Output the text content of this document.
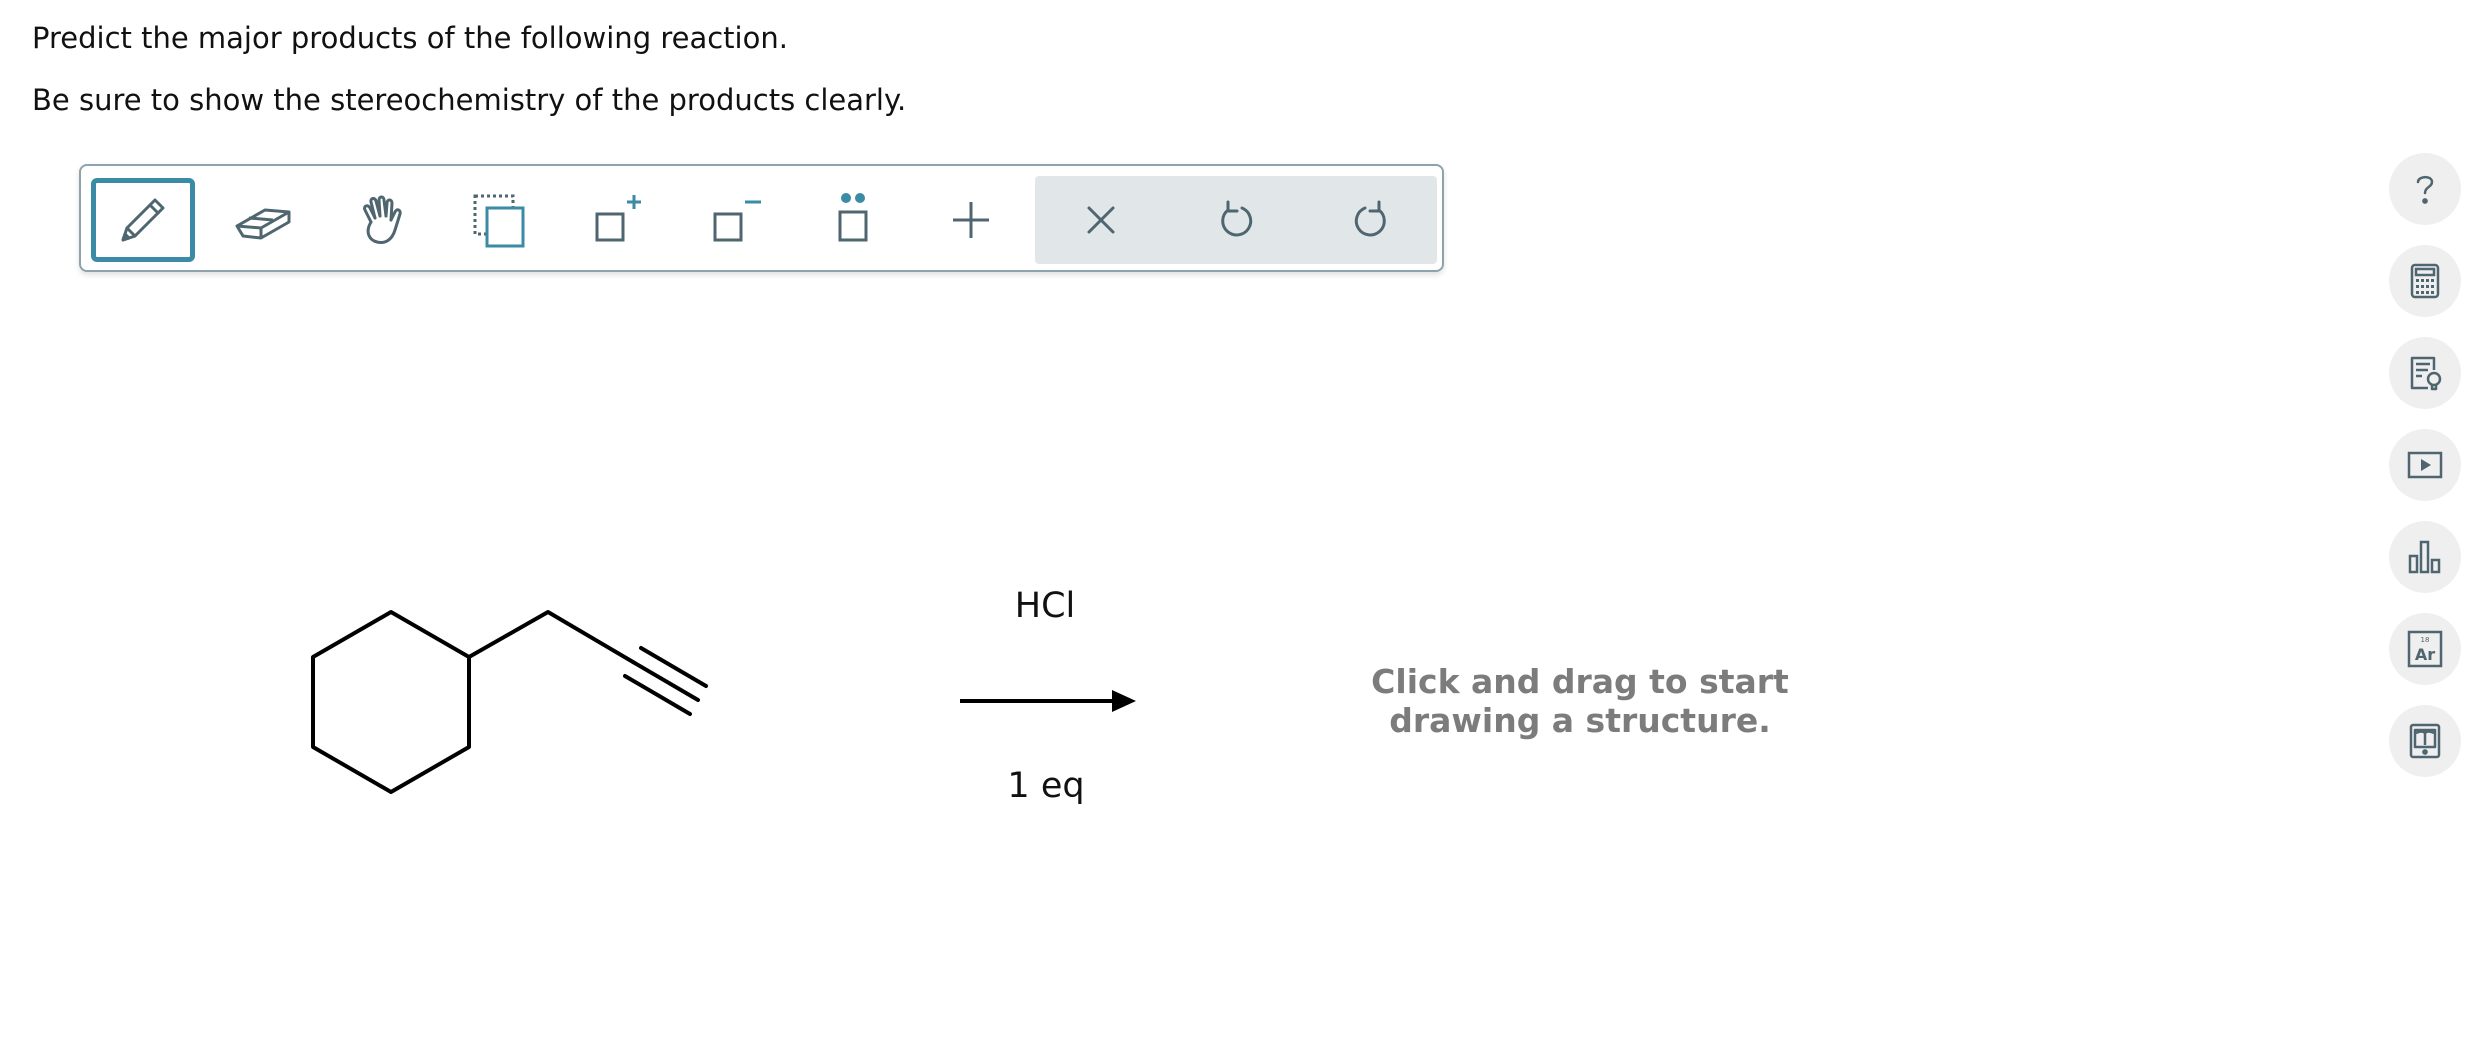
Predict the major products of the following reaction.
Be sure to show the stereochemistry of the products clearly.
HCl
1 eq
Click and drag to start
drawing a structure.
18
Ar
